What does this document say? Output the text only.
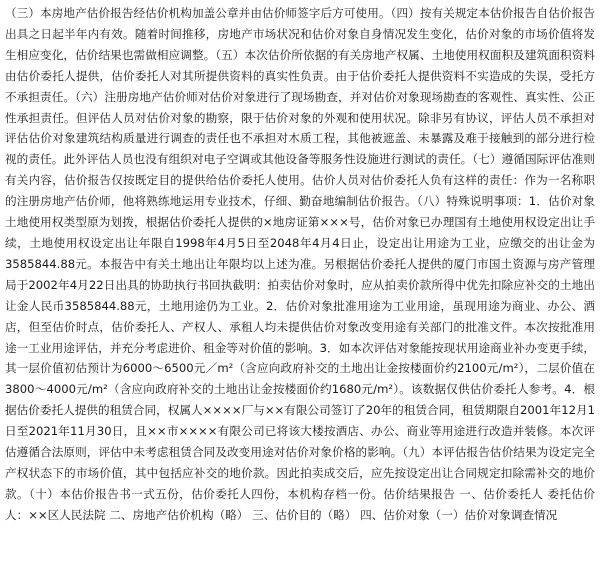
（三）本房地产估价报告经估价机构加盖公章并由估价师签字后方可使用。（四）按有关规定本估价报告自估价报告出具之日起半年内有效。随着时间推移，房地产市场状况和估价对象自身情况发生变化，估价对象的市场价值将发生相应变化，估价结果也需做相应调整。（五）本次估价所依据的有关房地产权属、土地使用权面积及建筑面积资料由估价委托人提供，估价委托人对其所提供资料的真实性负责。由于估价委托人提供资料不实造成的失误，受托方不承担责任。（六）注册房地产估价师对估价对象进行了现场勘查，并对估价对象现场勘查的客观性、真实性、公正性承担责任。但评估人员对估价对象的勘察，限于估价对象的外观和使用状况。除非另有协议，评估人员不承担对评估估价对象建筑结构质量进行调查的责任也不承担对木质工程，其他被遮盖、未暴露及难于接触到的部分进行检视的责任。此外评估人员也没有组织对电子空调或其他设备等服务性设施进行测试的责任。（七）遵循国际评估准则有关内容，估价报告仅按既定目的提供给估价委托人使用。估价人员对估价委托人负有这样的责任：作为一名称职的注册房地产估价师，他将熟练地运用专业技术，仔细、勤奋地编制估价报告。（八）特殊说明事项：1．估价对象土地使用权类型原为划拨，根据估价委托人提供的×地房证第×××号，估价对象已办理国有土地使用权设定出让手续，土地使用权设定出让年限自1998年4月5日至2048年4月4日止，设定出让用途为工业，应缴交的出让金为3585844.88元。本报告中有关土地出让年限均以上述为准。另根据估价委托人提供的厦门市国土资源与房产管理局于2002年4月22日出具的协助执行书回执截明：拍卖估价对象时，应从拍卖价款所得中优先扣除应补交的土地出让金人民币3585844.88元，土地用途仍为工业。2．估价对象批准用途为工业用途，虽现用途为商业、办公、酒店，但至估价时点，估价委托人、产权人、承租人均未提供估价对象改变用途有关部门的批准文件。本次按批准用途一工业用途评估，并充分考虑进价、租金等对价值的影响。3．如本次评估对象能按现状用途商业补办变更手续，其一层价值初估预计为6000～6500元／m²（含应向政府补交的土地出让金按楼面价约2100元/m²），二层价值在3800～4000元/m²（含应向政府补交的土地出让金按楼面价约1680元/m²）。该数据仅供估价委托人参考。4．根据估价委托人提供的租赁合同，权属人××××厂与××有限公司签订了20年的租赁合同，租赁期限自2001年12月1日至2021年11月30日，且××市××××有限公司已将该大楼按酒店、办公、商业等用途进行改造并装修。本次评估遵循合法原则，评估中未考虑租赁合同及改变用途对估价对象价格的影响。（九）本评估报告估价结果为设定完全产权状态下的市场价值，其中包括应补交的地价款。因此拍卖成交后，应先按设定出让合同规定扣除需补交的地价款。（十）本估价报告书一式五份，估价委托人四份，本机构存档一份。估价结果报告 一、估价委托人 委托估价人：××区人民法院 二、房地产估价机构（略） 三、估价目的（略） 四、估价对象（一）估价对象调查情况
